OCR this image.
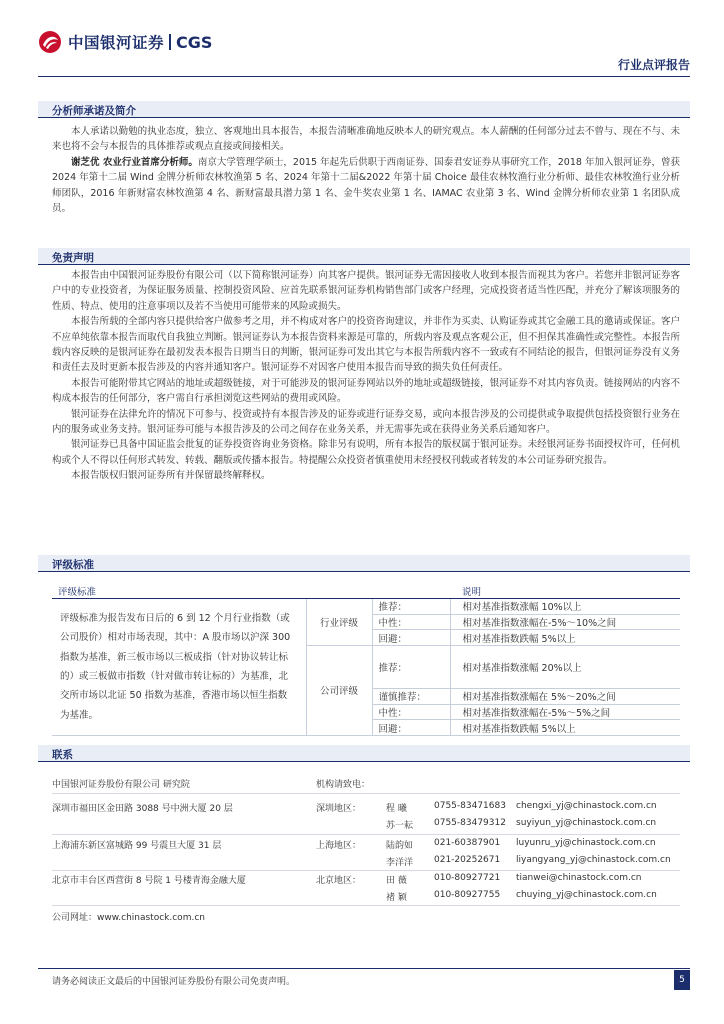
中国银河证券 CGS
行业点评报告
分析师承诺及简介

本人承诺以勤勉的执业态度，独立、客观地出具本报告，本报告清晰准确地反映本人的研究观点。本人薪酬的任何部分过去不曾与、现在不与、未来也将不会与本报告的具体推荐或观点直接或间接相关。

谢芝优 农业行业首席分析师。南京大学管理学硕士，2015 年起先后供职于西南证券、国泰君安证券从事研究工作，2018 年加入银河证券，曾获 2024 年第十二届 Wind 金牌分析师农林牧渔第 5 名、2024 年第十二届&2022 年第十届 Choice 最佳农林牧渔行业分析师、最佳农林牧渔行业分析师团队，2016 年新财富农林牧渔第 4 名、新财富最具潜力第 1 名、金牛奖农业第 1 名、IAMAC 农业第 3 名、Wind 金牌分析师农业第 1 名团队成员。

免责声明

本报告由中国银河证券股份有限公司（以下简称银河证券）向其客户提供。银河证券无需因接收人收到本报告而视其为客户。若您并非银河证券客户中的专业投资者，为保证服务质量、控制投资风险、应首先联系银河证券机构销售部门或客户经理，完成投资者适当性匹配，并充分了解该项服务的性质、特点、使用的注意事项以及若不当使用可能带来的风险或损失。

本报告所载的全部内容只提供给客户做参考之用，并不构成对客户的投资咨询建议，并非作为买卖、认购证券或其它金融工具的邀请或保证。客户不应单纯依靠本报告而取代自我独立判断。银河证券认为本报告资料来源是可靠的，所载内容及观点客观公正，但不担保其准确性或完整性。本报告所载内容反映的是银河证券在最初发表本报告日期当日的判断，银河证券可发出其它与本报告所载内容不一致或有不同结论的报告，但银河证券没有义务和责任去及时更新本报告涉及的内容并通知客户。银河证券不对因客户使用本报告而导致的损失负任何责任。

本报告可能附带其它网站的地址或超级链接，对于可能涉及的银河证券网站以外的地址或超级链接，银河证券不对其内容负责。链接网站的内容不构成本报告的任何部分，客户需自行承担浏览这些网站的费用或风险。

银河证券在法律允许的情况下可参与、投资或持有本报告涉及的证券或进行证券交易，或向本报告涉及的公司提供或争取提供包括投资银行业务在内的服务或业务支持。银河证券可能与本报告涉及的公司之间存在业务关系，并无需事先或在获得业务关系后通知客户。

银河证券已具备中国证监会批复的证券投资咨询业务资格。除非另有说明，所有本报告的版权属于银河证券。未经银河证券书面授权许可，任何机构或个人不得以任何形式转发、转载、翻版或传播本报告。特提醒公众投资者慎重使用未经授权刊载或者转发的本公司证券研究报告。

本报告版权归银河证券所有并保留最终解释权。

评级标准
评级标准			说明
评级标准为报告发布日后的 6 到 12 个月行业指数（或公司股价）相对市场表现，其中：A 股市场以沪深 300 指数为基准，新三板市场以三板成指（针对协议转让标的）或三板做市指数（针对做市转让标的）为基准，北交所市场以北证 50 指数为基准，香港市场以恒生指数为基准。	行业评级	推荐：	相对基准指数涨幅 10%以上
		中性：	相对基准指数涨幅在-5%～10%之间
		回避：	相对基准指数跌幅 5%以上
	公司评级	推荐：	相对基准指数涨幅 20%以上
		谨慎推荐：	相对基准指数涨幅在 5%～20%之间
		中性：	相对基准指数涨幅在-5%～5%之间
		回避：	相对基准指数跌幅 5%以上
联系
中国银河证券股份有限公司 研究院	机构请致电：
深圳市福田区金田路 3088 号中洲大厦 20 层	深圳地区：	程 曦	0755-83471683 chengxi_yj@chinastock.com.cn
苏一耘 0755-83479312 suyiyun_yj@chinastock.com.cn
上海浦东新区富城路 99 号震旦大厦 31 层	上海地区：	陆韵如 021-60387901 luyunru_yj@chinastock.com.cn
李洋洋 021-20252671 liyangyang_yj@chinastock.com.cn
北京市丰台区西营街 8 号院 1 号楼青海金融大厦	北京地区：	田 薇	010-80927721 tianwei@chinastock.com.cn
褚 颖	010-80927755 chuying_yj@chinastock.com.cn
公司网址：www.chinastock.com.cn
请务必阅读正文最后的中国银河证券股份有限公司免责声明。	5
